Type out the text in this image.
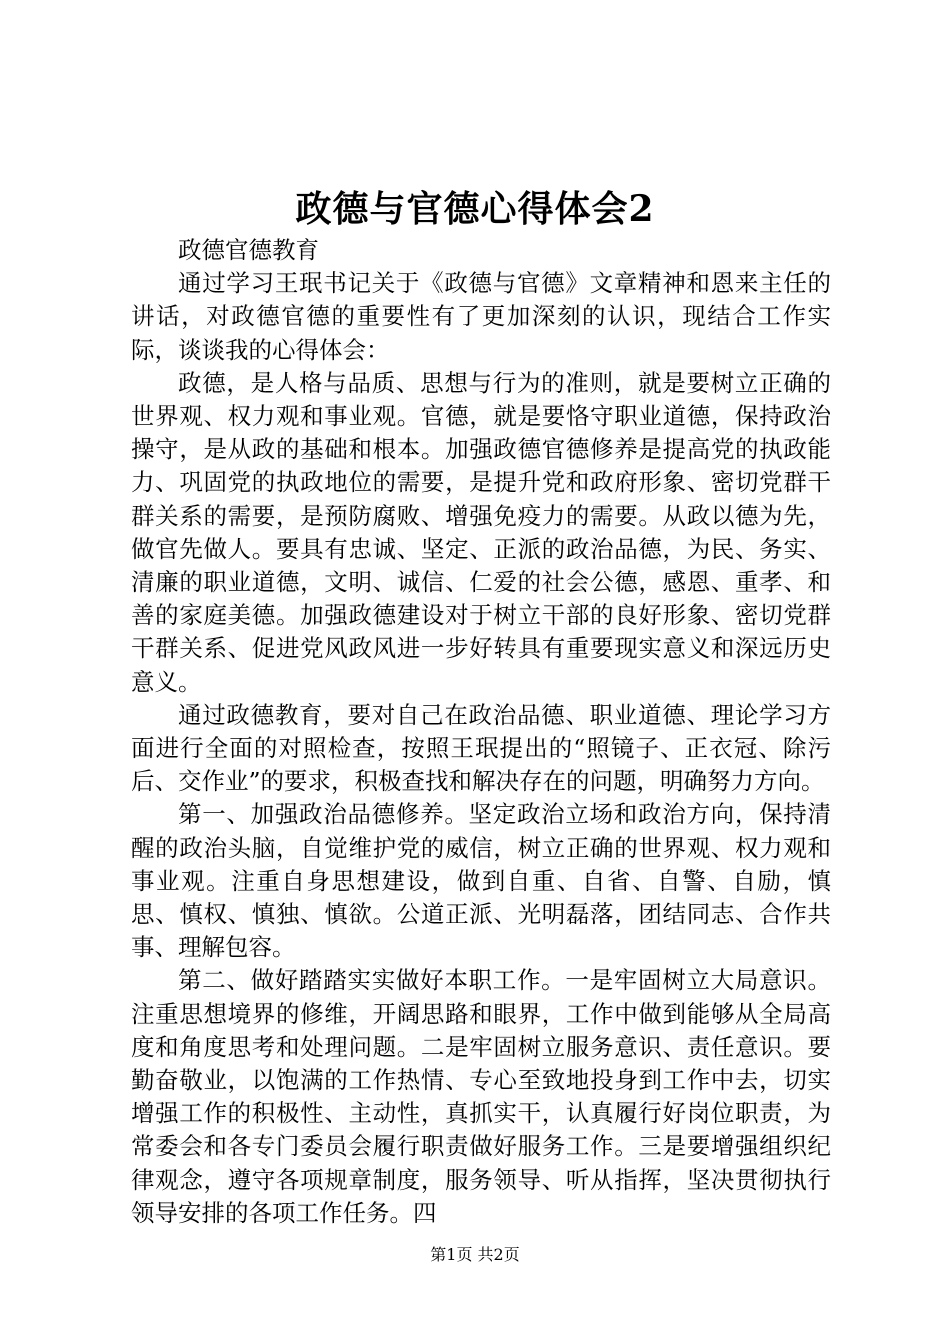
政德与官德心得体会2

政德官德教育

通过学习王珉书记关于《政德与官德》文章精神和恩来主任的讲话，对政德官德的重要性有了更加深刻的认识，现结合工作实际，谈谈我的心得体会：

政德，是人格与品质、思想与行为的准则，就是要树立正确的世界观、权力观和事业观。官德，就是要恪守职业道德，保持政治操守，是从政的基础和根本。加强政德官德修养是提高党的执政能力、巩固党的执政地位的需要，是提升党和政府形象、密切党群干群关系的需要，是预防腐败、增强免疫力的需要。从政以德为先，做官先做人。要具有忠诚、坚定、正派的政治品德，为民、务实、清廉的职业道德，文明、诚信、仁爱的社会公德，感恩、重孝、和善的家庭美德。加强政德建设对于树立干部的良好形象、密切党群干群关系、促进党风政风进一步好转具有重要现实意义和深远历史意义。

通过政德教育，要对自己在政治品德、职业道德、理论学习方面进行全面的对照检查，按照王珉提出的“照镜子、正衣冠、除污后、交作业”的要求，积极查找和解决存在的问题，明确努力方向。

第一、加强政治品德修养。坚定政治立场和政治方向，保持清醒的政治头脑，自觉维护党的威信，树立正确的世界观、权力观和事业观。注重自身思想建设，做到自重、自省、自警、自励，慎思、慎权、慎独、慎欲。公道正派、光明磊落，团结同志、合作共事、理解包容。

第二、做好踏踏实实做好本职工作。一是牢固树立大局意识。注重思想境界的修维，开阔思路和眼界，工作中做到能够从全局高度和角度思考和处理问题。二是牢固树立服务意识、责任意识。要勤奋敬业，以饱满的工作热情、专心至致地投身到工作中去，切实增强工作的积极性、主动性，真抓实干，认真履行好岗位职责，为常委会和各专门委员会履行职责做好服务工作。三是要增强组织纪律观念，遵守各项规章制度，服务领导、听从指挥，坚决贯彻执行领导安排的各项工作任务。四

第1页 共2页
